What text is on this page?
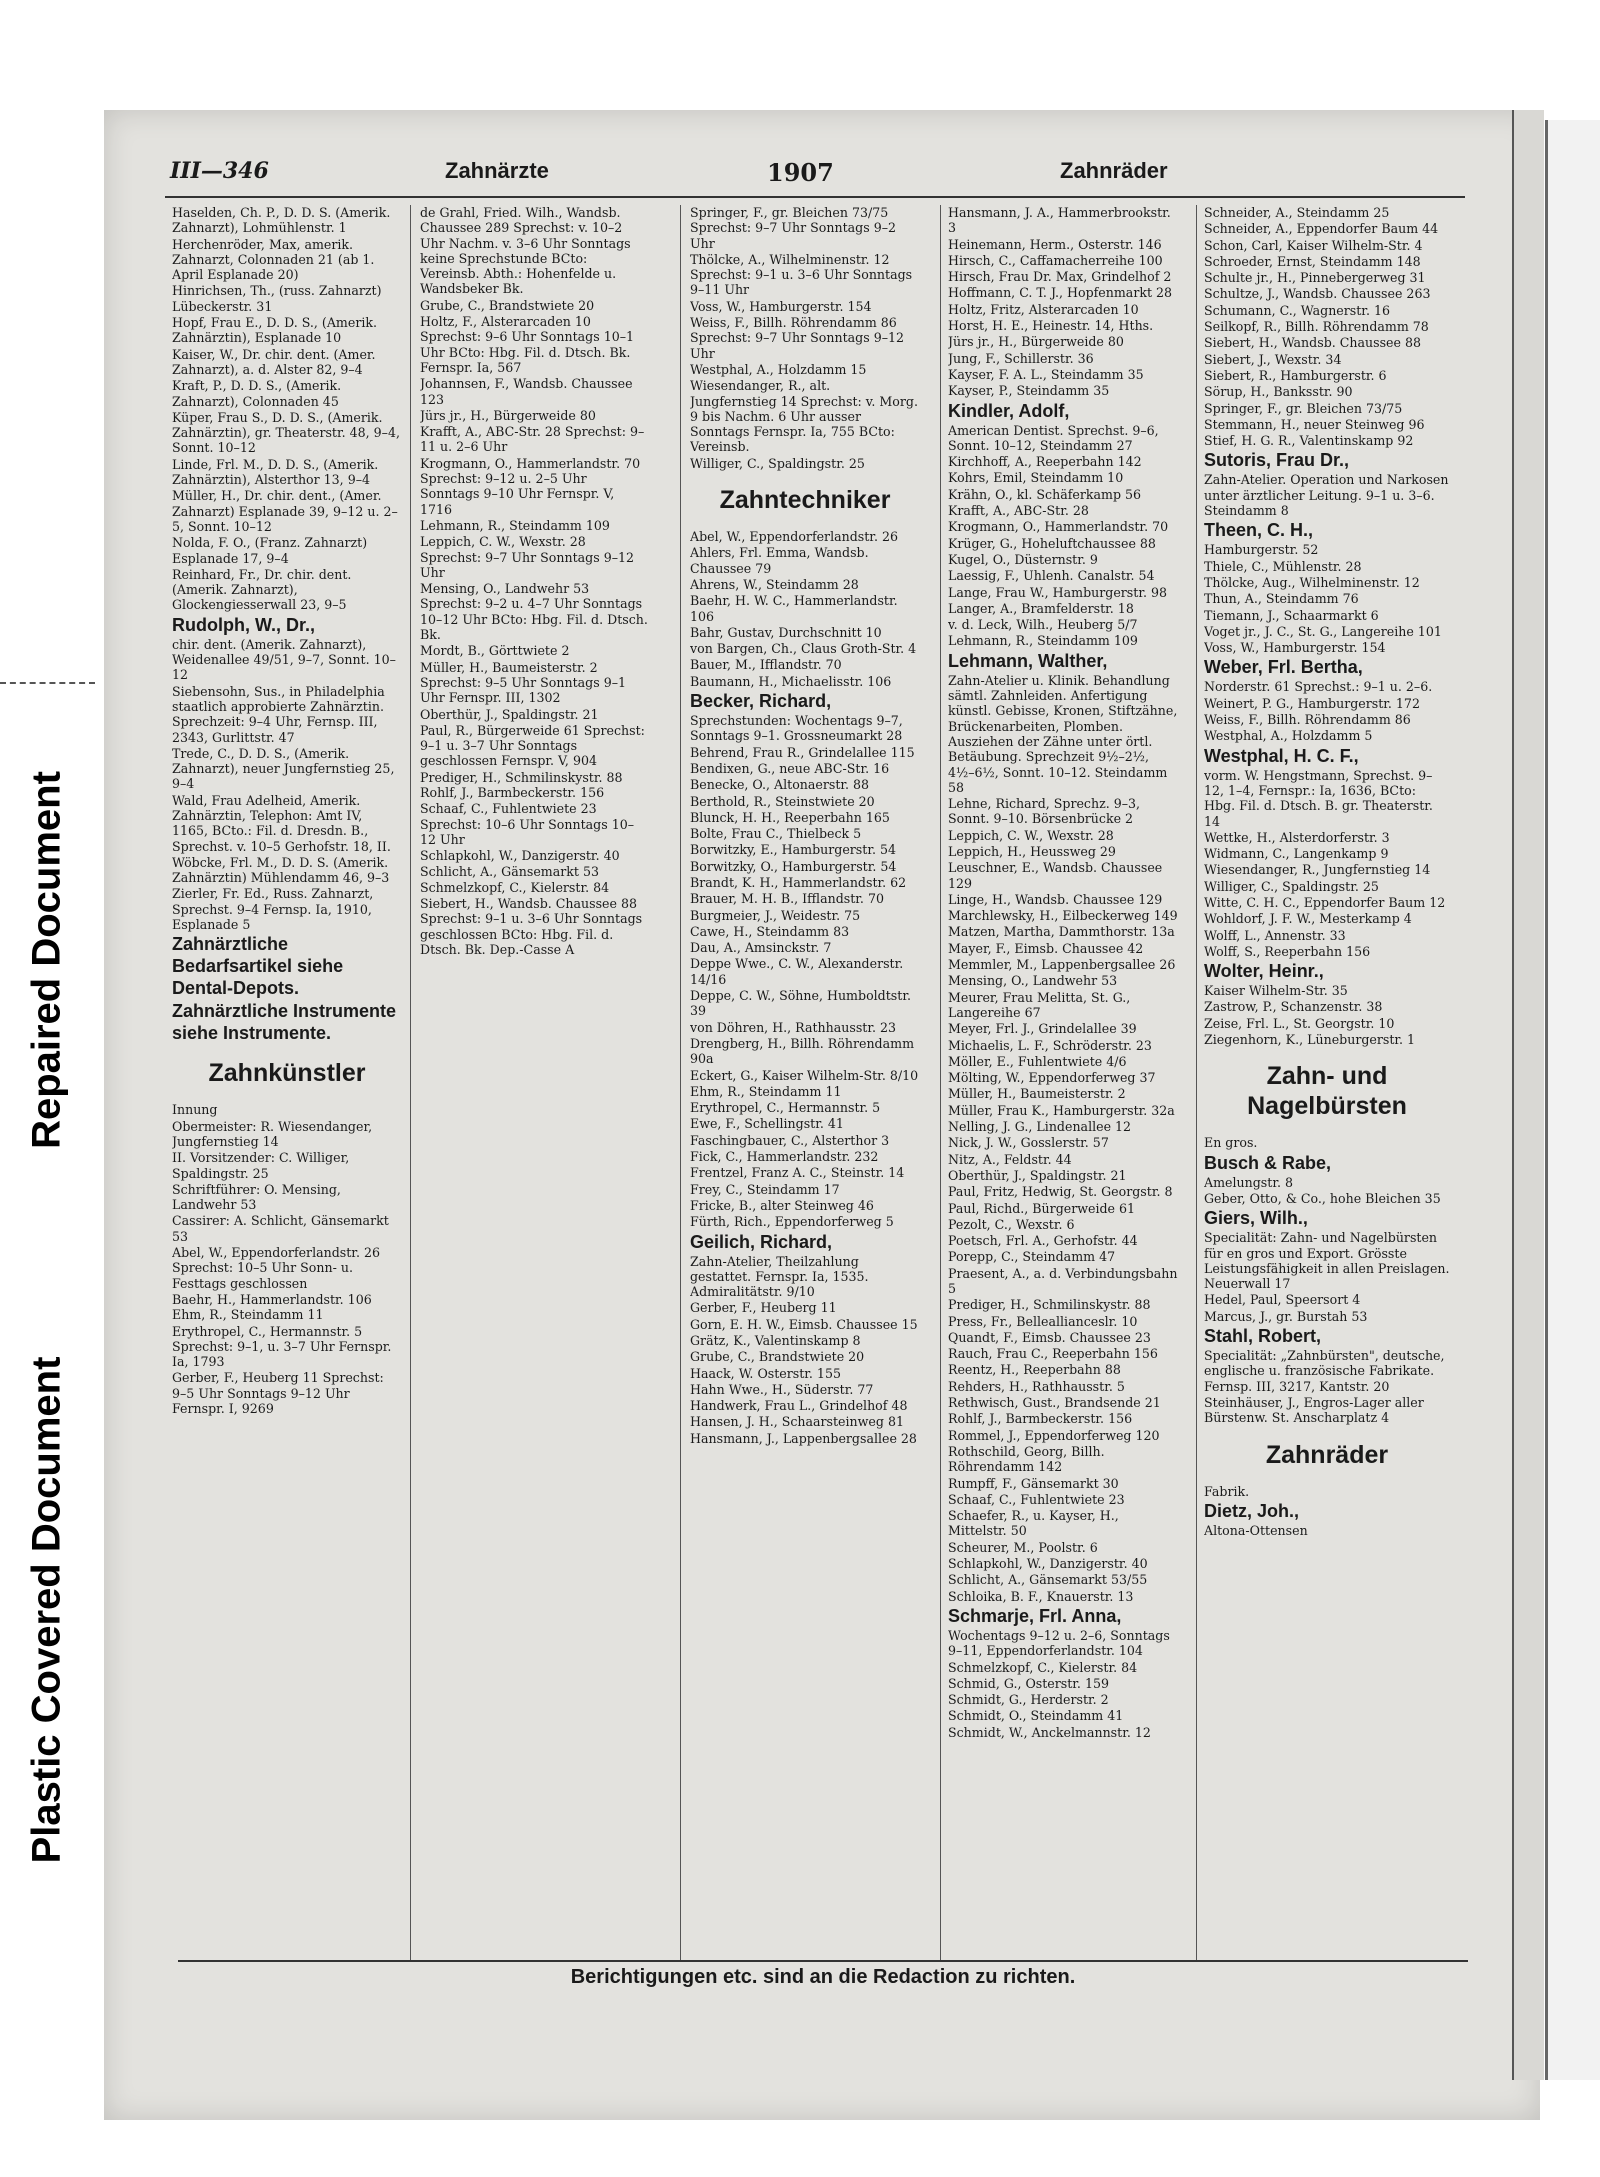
Repaired Document
Plastic Covered Document
III—346	Zahnärzte	1907	Zahnräder

Haselden, Ch. P., D. D. S. (Amerik. Zahnarzt), Lohmühlenstr. 1

Herchenröder, Max, amerik. Zahnarzt, Colonnaden 21 (ab 1. April Esplanade 20)

Hinrichsen, Th., (russ. Zahnarzt) Lübeckerstr. 31

Hopf, Frau E., D. D. S., (Amerik. Zahnärztin), Esplanade 10

Kaiser, W., Dr. chir. dent. (Amer. Zahnarzt), a. d. Alster 82, 9–4

Kraft, P., D. D. S., (Amerik. Zahnarzt), Colonnaden 45

Küper, Frau S., D. D. S., (Amerik. Zahnärztin), gr. Theaterstr. 48, 9–4, Sonnt. 10–12

Linde, Frl. M., D. D. S., (Amerik. Zahnärztin), Alsterthor 13, 9–4

Müller, H., Dr. chir. dent., (Amer. Zahnarzt) Esplanade 39, 9–12 u. 2–5, Sonnt. 10–12

Nolda, F. O., (Franz. Zahnarzt) Esplanade 17, 9–4

Reinhard, Fr., Dr. chir. dent. (Amerik. Zahnarzt), Glockengiesserwall 23, 9–5

Rudolph, W., Dr.,

chir. dent. (Amerik. Zahnarzt), Weidenallee 49/51, 9–7, Sonnt. 10–12

Siebensohn, Sus., in Philadelphia staatlich approbierte Zahnärztin. Sprechzeit: 9–4 Uhr, Fernsp. III, 2343, Gurlittstr. 47

Trede, C., D. D. S., (Amerik. Zahnarzt), neuer Jungfernstieg 25, 9–4

Wald, Frau Adelheid, Amerik. Zahnärztin, Telephon: Amt IV, 1165, BCto.: Fil. d. Dresdn. B., Sprechst. v. 10–5 Gerhofstr. 18, II.

Wöbcke, Frl. M., D. D. S. (Amerik. Zahnärztin) Mühlendamm 46, 9–3

Zierler, Fr. Ed., Russ. Zahnarzt, Sprechst. 9–4 Fernsp. Ia, 1910, Esplanade 5

Zahnärztliche Bedarfsartikel siehe Dental-Depots.

Zahnärztliche Instrumente siehe Instrumente.

Zahnkünstler

Innung

Obermeister: R. Wiesendanger, Jungfernstieg 14

II. Vorsitzender: C. Williger, Spaldingstr. 25

Schriftführer: O. Mensing, Landwehr 53

Cassirer: A. Schlicht, Gänsemarkt 53

Abel, W., Eppendorferlandstr. 26 Sprechst: 10–5 Uhr Sonn- u. Festtags geschlossen

Baehr, H., Hammerlandstr. 106 Ehm, R., Steindamm 11

Erythropel, C., Hermannstr. 5 Sprechst: 9–1, u. 3–7 Uhr Fernspr. Ia, 1793

Gerber, F., Heuberg 11 Sprechst: 9–5 Uhr Sonntags 9–12 Uhr Fernspr. I, 9269

de Grahl, Fried. Wilh., Wandsb. Chaussee 289 Sprechst: v. 10–2 Uhr Nachm. v. 3–6 Uhr Sonntags keine Sprechstunde BCto: Vereinsb. Abth.: Hohenfelde u. Wandsbeker Bk.

Grube, C., Brandstwiete 20

Holtz, F., Alsterarcaden 10 Sprechst: 9–6 Uhr Sonntags 10–1 Uhr BCto: Hbg. Fil. d. Dtsch. Bk. Fernspr. Ia, 567

Johannsen, F., Wandsb. Chaussee 123

Jürs jr., H., Bürgerweide 80

Krafft, A., ABC-Str. 28 Sprechst: 9–11 u. 2–6 Uhr

Krogmann, O., Hammerlandstr. 70 Sprechst: 9–12 u. 2–5 Uhr Sonntags 9–10 Uhr Fernspr. V, 1716

Lehmann, R., Steindamm 109

Leppich, C. W., Wexstr. 28 Sprechst: 9–7 Uhr Sonntags 9–12 Uhr

Mensing, O., Landwehr 53 Sprechst: 9–2 u. 4–7 Uhr Sonntags 10–12 Uhr BCto: Hbg. Fil. d. Dtsch. Bk.

Mordt, B., Görttwiete 2

Müller, H., Baumeisterstr. 2 Sprechst: 9–5 Uhr Sonntags 9–1 Uhr Fernspr. III, 1302

Oberthür, J., Spaldingstr. 21

Paul, R., Bürgerweide 61 Sprechst: 9–1 u. 3–7 Uhr Sonntags geschlossen Fernspr. V, 904

Prediger, H., Schmilinskystr. 88 Rohlf, J., Barmbeckerstr. 156

Schaaf, C., Fuhlentwiete 23 Sprechst: 10–6 Uhr Sonntags 10–12 Uhr

Schlapkohl, W., Danzigerstr. 40

Schlicht, A., Gänsemarkt 53 Schmelzkopf, C., Kielerstr. 84

Siebert, H., Wandsb. Chaussee 88 Sprechst: 9–1 u. 3–6 Uhr Sonntags geschlossen BCto: Hbg. Fil. d. Dtsch. Bk. Dep.-Casse A

Springer, F., gr. Bleichen 73/75 Sprechst: 9–7 Uhr Sonntags 9–2 Uhr

Thölcke, A., Wilhelminenstr. 12 Sprechst: 9–1 u. 3–6 Uhr Sonntags 9–11 Uhr

Voss, W., Hamburgerstr. 154

Weiss, F., Billh. Röhrendamm 86 Sprechst: 9–7 Uhr Sonntags 9–12 Uhr

Westphal, A., Holzdamm 15

Wiesendanger, R., alt. Jungfernstieg 14 Sprechst: v. Morg. 9 bis Nachm. 6 Uhr ausser Sonntags Fernspr. Ia, 755 BCto: Vereinsb.

Williger, C., Spaldingstr. 25

Zahntechniker

Abel, W., Eppendorferlandstr. 26

Ahlers, Frl. Emma, Wandsb. Chaussee 79

Ahrens, W., Steindamm 28

Baehr, H. W. C., Hammerlandstr. 106

Bahr, Gustav, Durchschnitt 10

von Bargen, Ch., Claus Groth-Str. 4

Bauer, M., Ifflandstr. 70

Baumann, H., Michaelisstr. 106

Becker, Richard,

Sprechstunden: Wochentags 9–7, Sonntags 9–1. Grossneumarkt 28

Behrend, Frau R., Grindelallee 115

Bendixen, G., neue ABC-Str. 16

Benecke, O., Altonaerstr. 88

Berthold, R., Steinstwiete 20

Blunck, H. H., Reeperbahn 165

Bolte, Frau C., Thielbeck 5

Borwitzky, E., Hamburgerstr. 54

Borwitzky, O., Hamburgerstr. 54

Brandt, K. H., Hammerlandstr. 62

Brauer, M. H. B., Ifflandstr. 70

Burgmeier, J., Weidestr. 75

Cawe, H., Steindamm 83

Dau, A., Amsinckstr. 7

Deppe Wwe., C. W., Alexanderstr. 14/16

Deppe, C. W., Söhne, Humboldtstr. 39

von Döhren, H., Rathhausstr. 23

Drengberg, H., Billh. Röhrendamm 90a

Eckert, G., Kaiser Wilhelm-Str. 8/10

Ehm, R., Steindamm 11

Erythropel, C., Hermannstr. 5

Ewe, F., Schellingstr. 41

Faschingbauer, C., Alsterthor 3

Fick, C., Hammerlandstr. 232

Frentzel, Franz A. C., Steinstr. 14

Frey, C., Steindamm 17

Fricke, B., alter Steinweg 46

Fürth, Rich., Eppendorferweg 5

Geilich, Richard,

Zahn-Atelier, Theilzahlung gestattet. Fernspr. Ia, 1535. Admiralitätstr. 9/10

Gerber, F., Heuberg 11

Gorn, E. H. W., Eimsb. Chaussee 15

Grätz, K., Valentinskamp 8

Grube, C., Brandstwiete 20

Haack, W. Osterstr. 155

Hahn Wwe., H., Süderstr. 77

Handwerk, Frau L., Grindelhof 48

Hansen, J. H., Schaarsteinweg 81

Hansmann, J., Lappenbergsallee 28

Hansmann, J. A., Hammerbrookstr. 3

Heinemann, Herm., Osterstr. 146

Hirsch, C., Caffamacherreihe 100

Hirsch, Frau Dr. Max, Grindelhof 2

Hoffmann, C. T. J., Hopfenmarkt 28

Holtz, Fritz, Alsterarcaden 10

Horst, H. E., Heinestr. 14, Hths.

Jürs jr., H., Bürgerweide 80

Jung, F., Schillerstr. 36

Kayser, F. A. L., Steindamm 35

Kayser, P., Steindamm 35

Kindler, Adolf,

American Dentist. Sprechst. 9–6, Sonnt. 10–12, Steindamm 27

Kirchhoff, A., Reeperbahn 142

Kohrs, Emil, Steindamm 10

Krähn, O., kl. Schäferkamp 56

Krafft, A., ABC-Str. 28

Krogmann, O., Hammerlandstr. 70

Krüger, G., Hoheluftchaussee 88

Kugel, O., Düsternstr. 9

Laessig, F., Uhlenh. Canalstr. 54

Lange, Frau W., Hamburgerstr. 98

Langer, A., Bramfelderstr. 18

v. d. Leck, Wilh., Heuberg 5/7

Lehmann, R., Steindamm 109

Lehmann, Walther,

Zahn-Atelier u. Klinik. Behandlung sämtl. Zahnleiden. Anfertigung künstl. Gebisse, Kronen, Stiftzähne, Brückenarbeiten, Plomben. Ausziehen der Zähne unter örtl. Betäubung. Sprechzeit 9½–2½, 4½–6½, Sonnt. 10–12. Steindamm 58

Lehne, Richard, Sprechz. 9–3, Sonnt. 9–10. Börsenbrücke 2

Leppich, C. W., Wexstr. 28

Leppich, H., Heussweg 29

Leuschner, E., Wandsb. Chaussee 129

Linge, H., Wandsb. Chaussee 129

Marchlewsky, H., Eilbeckerweg 149

Matzen, Martha, Dammthorstr. 13a

Mayer, F., Eimsb. Chaussee 42

Memmler, M., Lappenbergsallee 26

Mensing, O., Landwehr 53

Meurer, Frau Melitta, St. G., Langereihe 67

Meyer, Frl. J., Grindelallee 39

Michaelis, L. F., Schröderstr. 23

Möller, E., Fuhlentwiete 4/6

Mölting, W., Eppendorferweg 37

Müller, H., Baumeisterstr. 2

Müller, Frau K., Hamburgerstr. 32a

Nelling, J. G., Lindenallee 12

Nick, J. W., Gosslerstr. 57

Nitz, A., Feldstr. 44

Oberthür, J., Spaldingstr. 21

Paul, Fritz, Hedwig, St. Georgstr. 8

Paul, Richd., Bürgerweide 61

Pezolt, C., Wexstr. 6

Poetsch, Frl. A., Gerhofstr. 44

Porepp, C., Steindamm 47

Praesent, A., a. d. Verbindungsbahn 5

Prediger, H., Schmilinskystr. 88

Press, Fr., Belleallianceslr. 10

Quandt, F., Eimsb. Chaussee 23

Rauch, Frau C., Reeperbahn 156

Reentz, H., Reeperbahn 88

Rehders, H., Rathhausstr. 5

Rethwisch, Gust., Brandsende 21

Rohlf, J., Barmbeckerstr. 156

Rommel, J., Eppendorferweg 120

Rothschild, Georg, Billh. Röhrendamm 142

Rumpff, F., Gänsemarkt 30

Schaaf, C., Fuhlentwiete 23

Schaefer, R., u. Kayser, H., Mittelstr. 50

Scheurer, M., Poolstr. 6

Schlapkohl, W., Danzigerstr. 40

Schlicht, A., Gänsemarkt 53/55

Schloika, B. F., Knauerstr. 13

Schmarje, Frl. Anna,

Wochentags 9–12 u. 2–6, Sonntags 9–11, Eppendorferlandstr. 104

Schmelzkopf, C., Kielerstr. 84

Schmid, G., Osterstr. 159

Schmidt, G., Herderstr. 2

Schmidt, O., Steindamm 41

Schmidt, W., Anckelmannstr. 12

Schneider, A., Steindamm 25

Schneider, A., Eppendorfer Baum 44

Schon, Carl, Kaiser Wilhelm-Str. 4

Schroeder, Ernst, Steindamm 148

Schulte jr., H., Pinnebergerweg 31

Schultze, J., Wandsb. Chaussee 263

Schumann, C., Wagnerstr. 16

Seilkopf, R., Billh. Röhrendamm 78

Siebert, H., Wandsb. Chaussee 88

Siebert, J., Wexstr. 34

Siebert, R., Hamburgerstr. 6

Sörup, H., Banksstr. 90

Springer, F., gr. Bleichen 73/75

Stemmann, H., neuer Steinweg 96

Stief, H. G. R., Valentinskamp 92

Sutoris, Frau Dr.,

Zahn-Atelier. Operation und Narkosen unter ärztlicher Leitung. 9–1 u. 3–6. Steindamm 8

Theen, C. H.,

Hamburgerstr. 52

Thiele, C., Mühlenstr. 28

Thölcke, Aug., Wilhelminenstr. 12

Thun, A., Steindamm 76

Tiemann, J., Schaarmarkt 6

Voget jr., J. C., St. G., Langereihe 101

Voss, W., Hamburgerstr. 154

Weber, Frl. Bertha,

Norderstr. 61 Sprechst.: 9–1 u. 2–6.

Weinert, P. G., Hamburgerstr. 172

Weiss, F., Billh. Röhrendamm 86

Westphal, A., Holzdamm 5

Westphal, H. C. F.,

vorm. W. Hengstmann, Sprechst. 9–12, 1–4, Fernspr.: Ia, 1636, BCto: Hbg. Fil. d. Dtsch. B. gr. Theaterstr. 14

Wettke, H., Alsterdorferstr. 3

Widmann, C., Langenkamp 9

Wiesendanger, R., Jungfernstieg 14

Williger, C., Spaldingstr. 25

Witte, C. H. C., Eppendorfer Baum 12

Wohldorf, J. F. W., Mesterkamp 4

Wolff, L., Annenstr. 33

Wolff, S., Reeperbahn 156

Wolter, Heinr.,

Kaiser Wilhelm-Str. 35

Zastrow, P., Schanzenstr. 38

Zeise, Frl. L., St. Georgstr. 10

Ziegenhorn, K., Lüneburgerstr. 1

Zahn- und Nagelbürsten

En gros.

Busch & Rabe,

Amelungstr. 8

Geber, Otto, & Co., hohe Bleichen 35

Giers, Wilh.,

Specialität: Zahn- und Nagelbürsten für en gros und Export. Grösste Leistungsfähigkeit in allen Preislagen. Neuerwall 17

Hedel, Paul, Speersort 4

Marcus, J., gr. Burstah 53

Stahl, Robert,

Specialität: „Zahnbürsten", deutsche, englische u. französische Fabrikate. Fernsp. III, 3217, Kantstr. 20

Steinhäuser, J., Engros-Lager aller Bürstenw. St. Anscharplatz 4

Zahnräder

Fabrik.

Dietz, Joh.,

Altona-Ottensen

Berichtigungen etc. sind an die Redaction zu richten.
